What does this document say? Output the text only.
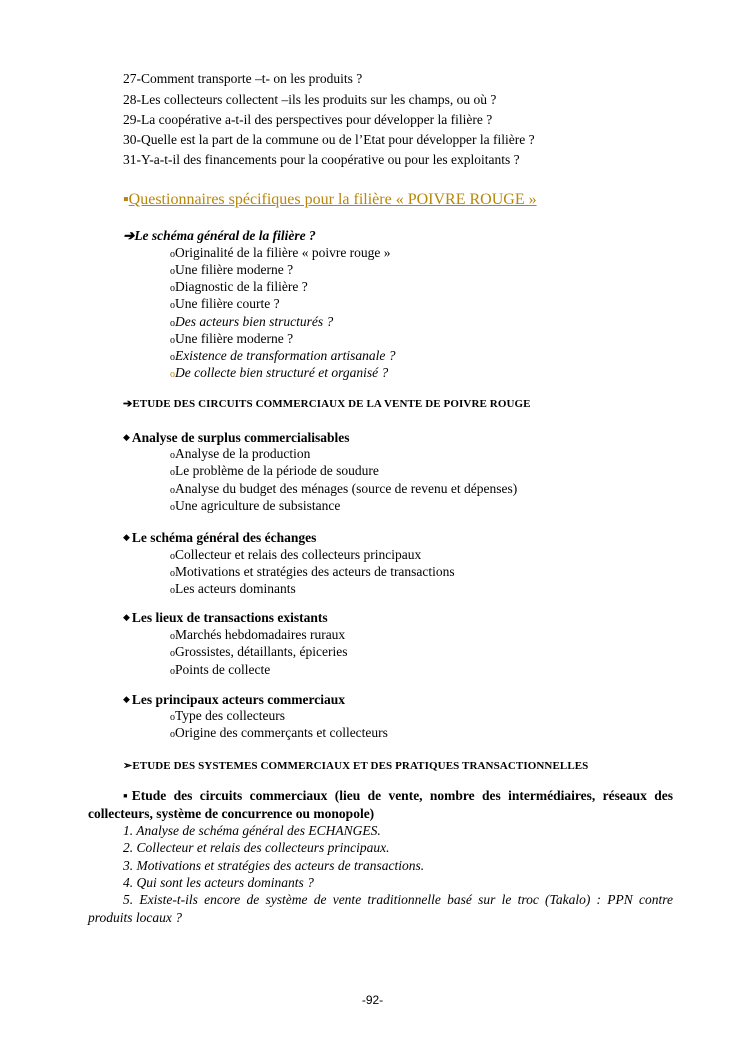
27-Comment transporte –t- on les produits ?
28-Les collecteurs collectent –ils les produits sur les champs, ou où ?
29-La coopérative a-t-il des perspectives pour développer la filière ?
30-Quelle est la part de la commune ou de l’Etat pour développer la filière ?
31-Y-a-t-il des financements pour la coopérative ou pour les exploitants ?
▪Questionnaires spécifiques pour la filière « POIVRE ROUGE »
➔Le schéma général de la filière ?
oOriginalité de la filière « poivre rouge »
oUne filière moderne ?
oDiagnostic de la filière ?
oUne filière courte ?
oDes acteurs bien structurés ?
oUne filière moderne ?
oExistence de transformation artisanale ?
oDe collecte bien structuré et organisé ?
➔ETUDE DES CIRCUITS COMMERCIAUX DE LA VENTE DE POIVRE ROUGE
◆ Analyse de surplus commercialisables
oAnalyse de la production
oLe problème de la période de soudure
oAnalyse du budget des ménages (source de revenu et dépenses)
oUne agriculture de subsistance
◆ Le schéma général des échanges
oCollecteur et relais des collecteurs principaux
oMotivations et stratégies des acteurs de transactions
oLes acteurs dominants
◆ Les lieux de transactions existants
oMarchés hebdomadaires ruraux
oGrossistes, détaillants, épiceries
oPoints de collecte
◆ Les principaux acteurs commerciaux
oType des collecteurs
oOrigine des commerçants et collecteurs
➢ETUDE DES SYSTEMES COMMERCIAUX ET DES PRATIQUES TRANSACTIONNELLES
▪Etude des circuits commerciaux (lieu de vente, nombre des intermédiaires, réseaux des collecteurs, système de concurrence ou monopole)
1. Analyse de schéma général des ECHANGES.
2. Collecteur et relais des collecteurs principaux.
3. Motivations et stratégies des acteurs de transactions.
4. Qui sont les acteurs dominants ?
5. Existe-t-ils encore de système de vente traditionnelle basé sur le troc (Takalo) : PPN contre produits locaux ?
-92-
